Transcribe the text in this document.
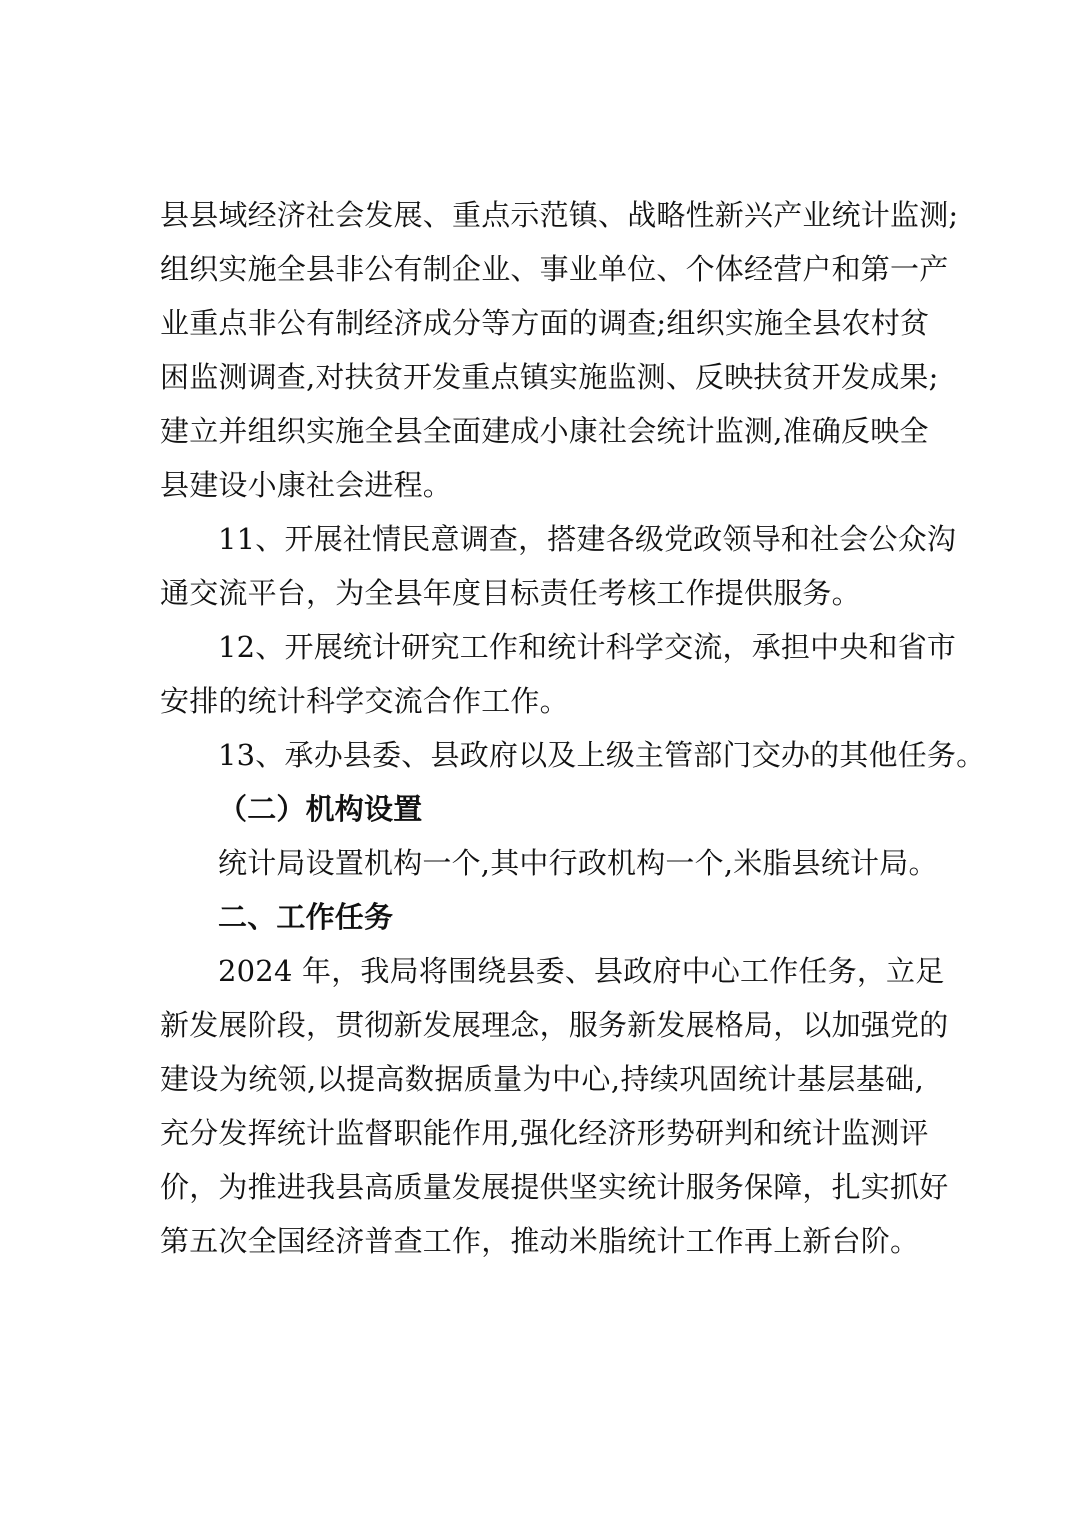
县县域经济社会发展、重点示范镇、战略性新兴产业统计监测;
组织实施全县非公有制企业、事业单位、个体经营户和第一产
业重点非公有制经济成分等方面的调查;组织实施全县农村贫
困监测调查,对扶贫开发重点镇实施监测、反映扶贫开发成果;
建立并组织实施全县全面建成小康社会统计监测,准确反映全
县建设小康社会进程。
11、开展社情民意调查，搭建各级党政领导和社会公众沟
通交流平台，为全县年度目标责任考核工作提供服务。
12、开展统计研究工作和统计科学交流，承担中央和省市
安排的统计科学交流合作工作。
13、承办县委、县政府以及上级主管部门交办的其他任务。
（二）机构设置
统计局设置机构一个,其中行政机构一个,米脂县统计局。
二、工作任务
2024 年，我局将围绕县委、县政府中心工作任务，立足
新发展阶段，贯彻新发展理念，服务新发展格局，以加强党的
建设为统领,以提高数据质量为中心,持续巩固统计基层基础,
充分发挥统计监督职能作用,强化经济形势研判和统计监测评
价，为推进我县高质量发展提供坚实统计服务保障，扎实抓好
第五次全国经济普查工作，推动米脂统计工作再上新台阶。
